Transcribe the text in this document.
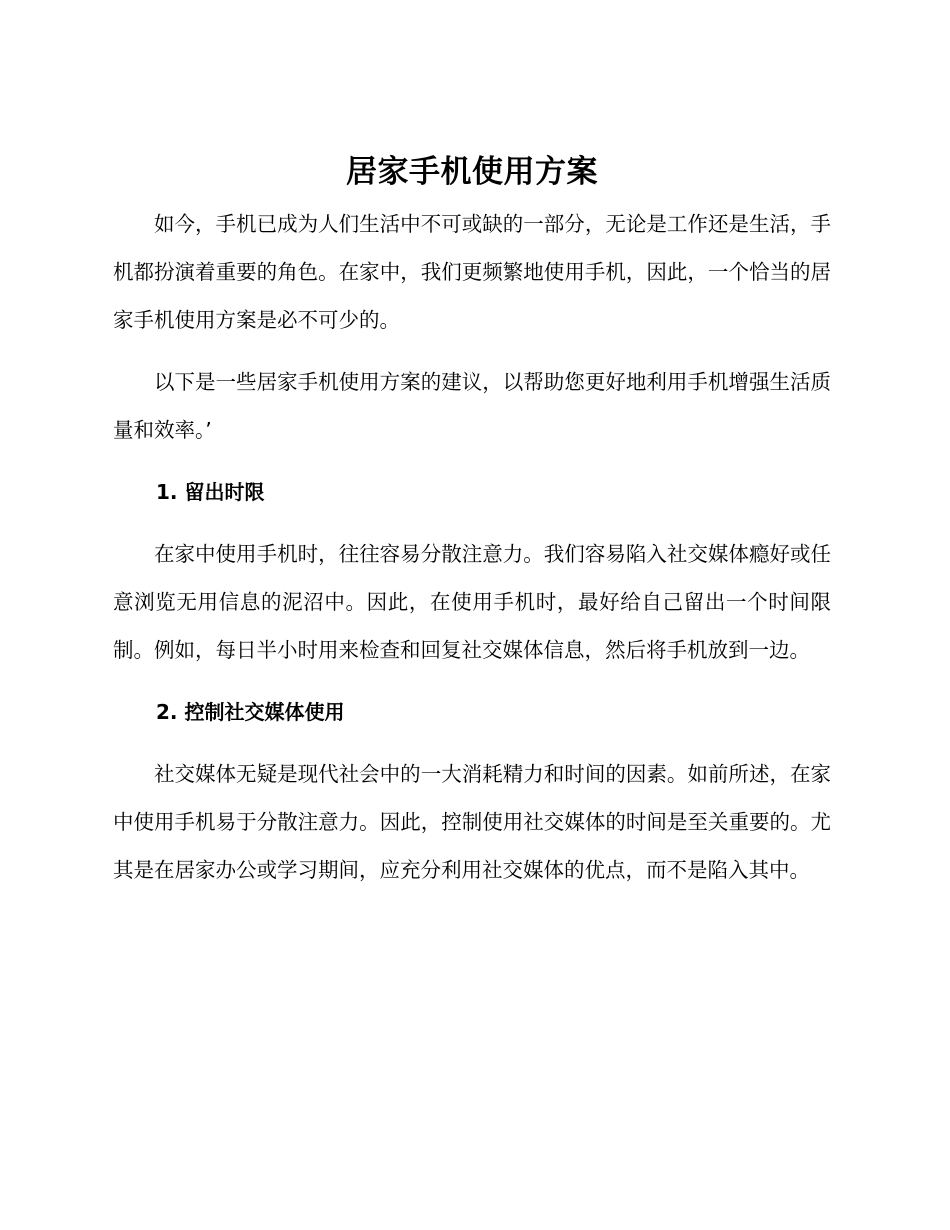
居家手机使用方案

如今，手机已成为人们生活中不可或缺的一部分，无论是工作还是生活，手机都扮演着重要的角色。在家中，我们更频繁地使用手机，因此，一个恰当的居家手机使用方案是必不可少的。

以下是一些居家手机使用方案的建议，以帮助您更好地利用手机增强生活质量和效率。’

1. 留出时限

在家中使用手机时，往往容易分散注意力。我们容易陷入社交媒体瘾好或任意浏览无用信息的泥沼中。因此，在使用手机时，最好给自己留出一个时间限制。例如，每日半小时用来检查和回复社交媒体信息，然后将手机放到一边。

2. 控制社交媒体使用

社交媒体无疑是现代社会中的一大消耗精力和时间的因素。如前所述，在家中使用手机易于分散注意力。因此，控制使用社交媒体的时间是至关重要的。尤其是在居家办公或学习期间，应充分利用社交媒体的优点，而不是陷入其中。
